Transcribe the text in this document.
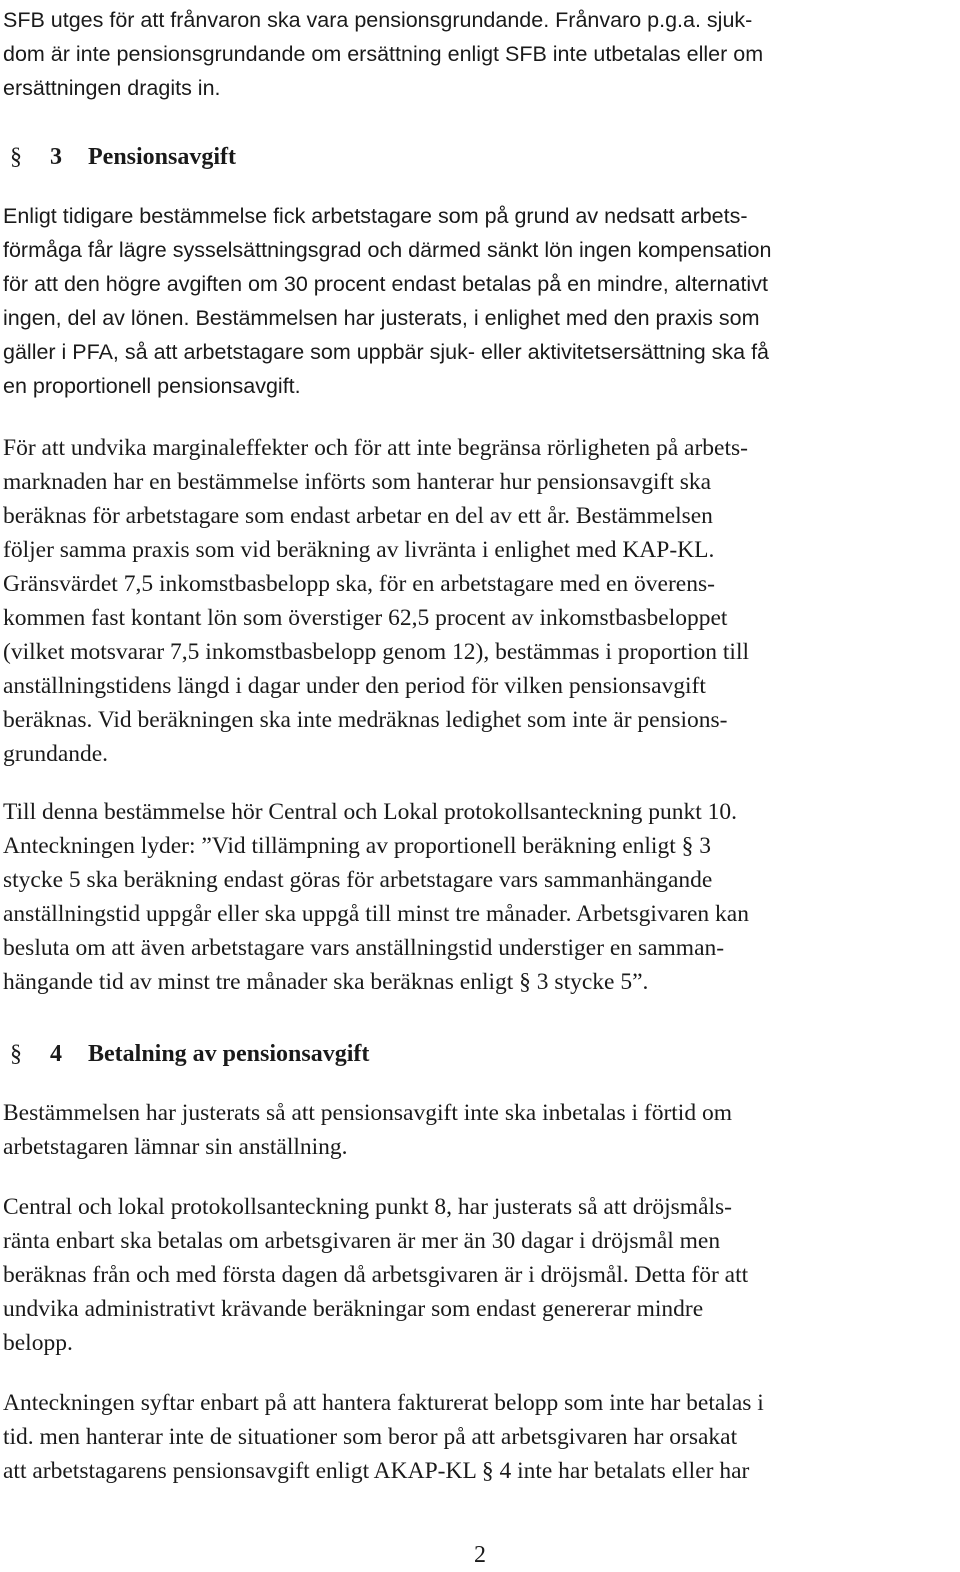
SFB utges för att frånvaron ska vara pensionsgrundande. Frånvaro p.g.a. sjuk-
dom är inte pensionsgrundande om ersättning enligt SFB inte utbetalas eller om
ersättningen dragits in.
§ 3 Pensionsavgift
Enligt tidigare bestämmelse fick arbetstagare som på grund av nedsatt arbets-
förmåga får lägre sysselsättningsgrad och därmed sänkt lön ingen kompensation
för att den högre avgiften om 30 procent endast betalas på en mindre, alternativt
ingen, del av lönen. Bestämmelsen har justerats, i enlighet med den praxis som
gäller i PFA, så att arbetstagare som uppbär sjuk- eller aktivitetsersättning ska få
en proportionell pensionsavgift.
För att undvika marginaleffekter och för att inte begränsa rörligheten på arbets-
marknaden har en bestämmelse införts som hanterar hur pensionsavgift ska
beräknas för arbetstagare som endast arbetar en del av ett år. Bestämmelsen
följer samma praxis som vid beräkning av livränta i enlighet med KAP-KL.
Gränsvärdet 7,5 inkomstbasbelopp ska, för en arbetstagare med en överens-
kommen fast kontant lön som överstiger 62,5 procent av inkomstbasbeloppet
(vilket motsvarar 7,5 inkomstbasbelopp genom 12), bestämmas i proportion till
anställningstidens längd i dagar under den period för vilken pensionsavgift
beräknas. Vid beräkningen ska inte medräknas ledighet som inte är pensions-
grundande.
Till denna bestämmelse hör Central och Lokal protokollsanteckning punkt 10.
Anteckningen lyder: ”Vid tillämpning av proportionell beräkning enligt § 3
stycke 5 ska beräkning endast göras för arbetstagare vars sammanhängande
anställningstid uppgår eller ska uppgå till minst tre månader. Arbetsgivaren kan
besluta om att även arbetstagare vars anställningstid understiger en samman-
hängande tid av minst tre månader ska beräknas enligt § 3 stycke 5”.
§ 4 Betalning av pensionsavgift
Bestämmelsen har justerats så att pensionsavgift inte ska inbetalas i förtid om
arbetstagaren lämnar sin anställning.
Central och lokal protokollsanteckning punkt 8, har justerats så att dröjsmåls-
ränta enbart ska betalas om arbetsgivaren är mer än 30 dagar i dröjsmål men
beräknas från och med första dagen då arbetsgivaren är i dröjsmål. Detta för att
undvika administrativt krävande beräkningar som endast genererar mindre
belopp.
Anteckningen syftar enbart på att hantera fakturerat belopp som inte har betalas i
tid. men hanterar inte de situationer som beror på att arbetsgivaren har orsakat
att arbetstagarens pensionsavgift enligt AKAP-KL § 4 inte har betalats eller har
2
